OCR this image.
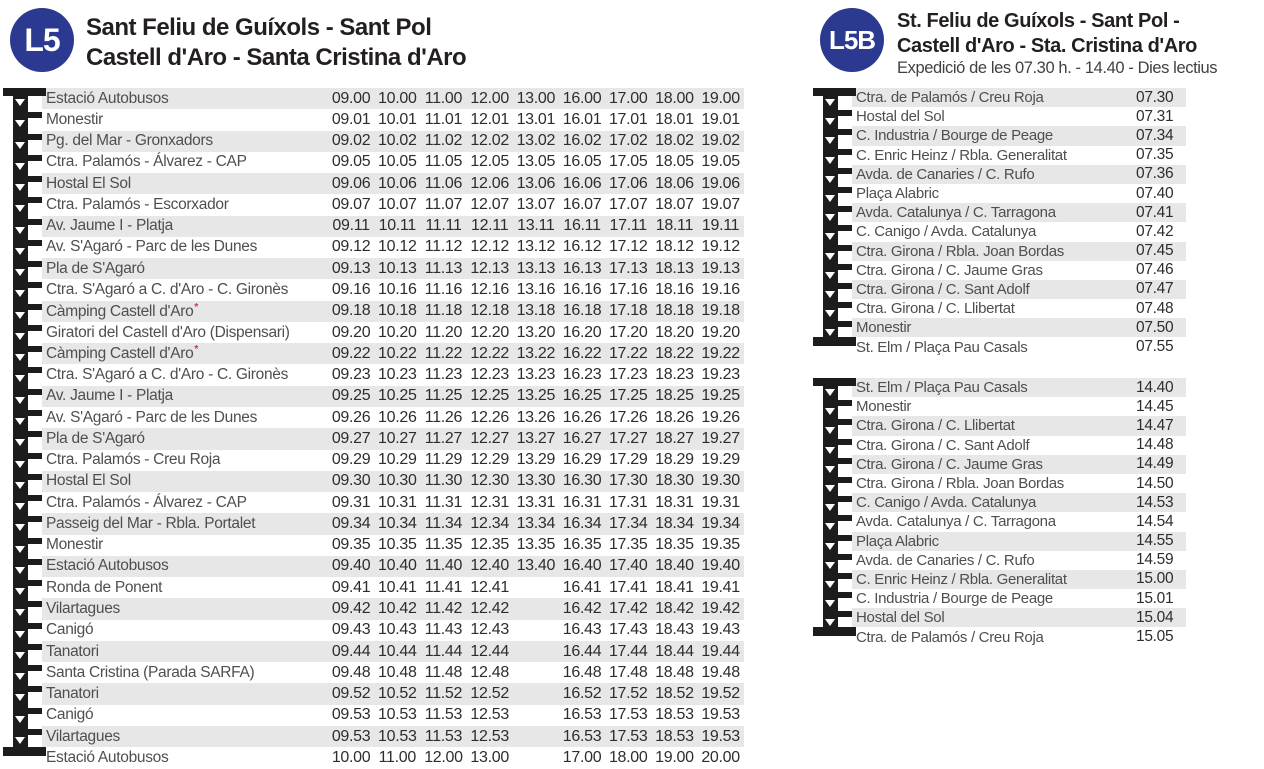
L5 Sant Feliu de Guíxols - Sant Pol
Castell d'Aro - Santa Cristina d'Aro
L5B
St. Feliu de Guíxols - Sant Pol -
Castell d'Aro - Sta. Cristina d'Aro
Expedició de les 07.30 h. - 14.40 - Dies lectius
Estació Autobusos	09.00 10.00 11.00 12.00 13.00 16.00 17.00 18.00 19.00
Monestir	09.01 10.01 11.01 12.01 13.01 16.01 17.01 18.01 19.01
Pg. del Mar - Gronxadors	09.02 10.02 11.02 12.02 13.02 16.02 17.02 18.02 19.02
Ctra. Palamós - Álvarez - CAP	09.05 10.05 11.05 12.05 13.05 16.05 17.05 18.05 19.05
Hostal El Sol	09.06 10.06 11.06 12.06 13.06 16.06 17.06 18.06 19.06
Ctra. Palamós - Escorxador	09.07 10.07 11.07 12.07 13.07 16.07 17.07 18.07 19.07
Av. Jaume I - Platja	09.11 10.11 11.11 12.11 13.11 16.11 17.11 18.11 19.11
Av. S'Agaró - Parc de les Dunes	09.12 10.12 11.12 12.12 13.12 16.12 17.12 18.12 19.12
Pla de S'Agaró	09.13 10.13 11.13 12.13 13.13 16.13 17.13 18.13 19.13
Ctra. S'Agaró a C. d'Aro - C. Gironès	09.16 10.16 11.16 12.16 13.16 16.16 17.16 18.16 19.16
Càmping Castell d'Aro*	09.18 10.18 11.18 12.18 13.18 16.18 17.18 18.18 19.18
Giratori del Castell d'Aro (Dispensari)	09.20 10.20 11.20 12.20 13.20 16.20 17.20 18.20 19.20
Càmping Castell d'Aro*	09.22 10.22 11.22 12.22 13.22 16.22 17.22 18.22 19.22
Ctra. S'Agaró a C. d'Aro - C. Gironès	09.23 10.23 11.23 12.23 13.23 16.23 17.23 18.23 19.23
Av. Jaume I - Platja	09.25 10.25 11.25 12.25 13.25 16.25 17.25 18.25 19.25
Av. S'Agaró - Parc de les Dunes	09.26 10.26 11.26 12.26 13.26 16.26 17.26 18.26 19.26
Pla de S'Agaró	09.27 10.27 11.27 12.27 13.27 16.27 17.27 18.27 19.27
Ctra. Palamós - Creu Roja	09.29 10.29 11.29 12.29 13.29 16.29 17.29 18.29 19.29
Hostal El Sol	09.30 10.30 11.30 12.30 13.30 16.30 17.30 18.30 19.30
Ctra. Palamós - Álvarez - CAP	09.31 10.31 11.31 12.31 13.31 16.31 17.31 18.31 19.31
Passeig del Mar - Rbla. Portalet	09.34 10.34 11.34 12.34 13.34 16.34 17.34 18.34 19.34
Monestir	09.35 10.35 11.35 12.35 13.35 16.35 17.35 18.35 19.35
Estació Autobusos	09.40 10.40 11.40 12.40 13.40 16.40 17.40 18.40 19.40
Ronda de Ponent	09.41 10.41 11.41 12.41	16.41 17.41 18.41 19.41
Vilartagues	09.42 10.42 11.42 12.42	16.42 17.42 18.42 19.42
Canigó	09.43 10.43 11.43 12.43	16.43 17.43 18.43 19.43
Tanatori	09.44 10.44 11.44 12.44	16.44 17.44 18.44 19.44
Santa Cristina (Parada SARFA)	09.48 10.48 11.48 12.48	16.48 17.48 18.48 19.48
Tanatori	09.52 10.52 11.52 12.52	16.52 17.52 18.52 19.52
Canigó	09.53 10.53 11.53 12.53	16.53 17.53 18.53 19.53
Vilartagues	09.53 10.53 11.53 12.53	16.53 17.53 18.53 19.53
Estació Autobusos	10.00 11.00 12.00 13.00	17.00 18.00 19.00 20.00
Ctra. de Palamós / Creu Roja	07.30
Hostal del Sol	07.31
C. Industria / Bourge de Peage	07.34
C. Enric Heinz / Rbla. Generalitat	07.35
Avda. de Canaries / C. Rufo	07.36
Plaça Alabric	07.40
Avda. Catalunya / C. Tarragona	07.41
C. Canigo / Avda. Catalunya	07.42
Ctra. Girona / Rbla. Joan Bordas	07.45
Ctra. Girona / C. Jaume Gras	07.46
Ctra. Girona / C. Sant Adolf	07.47
Ctra. Girona / C. Llibertat	07.48
Monestir	07.50
St. Elm / Plaça Pau Casals	07.55
St. Elm / Plaça Pau Casals	14.40
Monestir	14.45
Ctra. Girona / C. Llibertat	14.47
Ctra. Girona / C. Sant Adolf	14.48
Ctra. Girona / C. Jaume Gras	14.49
Ctra. Girona / Rbla. Joan Bordas	14.50
C. Canigo / Avda. Catalunya	14.53
Avda. Catalunya / C. Tarragona	14.54
Plaça Alabric	14.55
Avda. de Canaries / C. Rufo	14.59
C. Enric Heinz / Rbla. Generalitat	15.00
C. Industria / Bourge de Peage	15.01
Hostal del Sol	15.04
Ctra. de Palamós / Creu Roja	15.05
